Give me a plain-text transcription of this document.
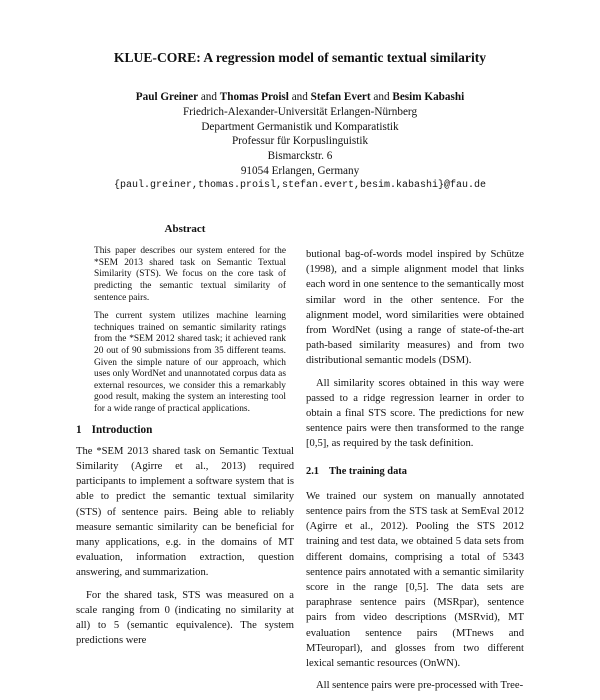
KLUE-CORE: A regression model of semantic textual similarity
Paul Greiner and Thomas Proisl and Stefan Evert and Besim Kabashi
Friedrich-Alexander-Universität Erlangen-Nürnberg
Department Germanistik und Komparatistik
Professur für Korpuslinguistik
Bismarckstr. 6
91054 Erlangen, Germany
{paul.greiner,thomas.proisl,stefan.evert,besim.kabashi}@fau.de
Abstract

This paper describes our system entered for the *SEM 2013 shared task on Semantic Textual Similarity (STS). We focus on the core task of predicting the semantic textual similarity of sentence pairs.

The current system utilizes machine learning techniques trained on semantic similarity ratings from the *SEM 2012 shared task; it achieved rank 20 out of 90 submissions from 35 different teams. Given the simple nature of our approach, which uses only WordNet and unannotated corpus data as external resources, we consider this a remarkably good result, making the system an interesting tool for a wide range of practical applications.

1 Introduction

The *SEM 2013 shared task on Semantic Textual Similarity (Agirre et al., 2013) required participants to implement a software system that is able to predict the semantic textual similarity (STS) of sentence pairs. Being able to reliably measure semantic similarity can be beneficial for many applications, e.g. in the domains of MT evaluation, information extraction, question answering, and summarization.

For the shared task, STS was measured on a scale ranging from 0 (indicating no similarity at all) to 5 (semantic equivalence). The system predictions were

butional bag-of-words model inspired by Schütze (1998), and a simple alignment model that links each word in one sentence to the semantically most similar word in the other sentence. For the alignment model, word similarities were obtained from WordNet (using a range of state-of-the-art path-based similarity measures) and from two distributional semantic models (DSM).

All similarity scores obtained in this way were passed to a ridge regression learner in order to obtain a final STS score. The predictions for new sentence pairs were then transformed to the range [0,5], as required by the task definition.

2.1 The training data

We trained our system on manually annotated sentence pairs from the STS task at SemEval 2012 (Agirre et al., 2012). Pooling the STS 2012 training and test data, we obtained 5 data sets from different domains, comprising a total of 5343 sentence pairs annotated with a semantic similarity score in the range [0,5]. The data sets are paraphrase sentence pairs (MSRpar), sentence pairs from video descriptions (MSRvid), MT evaluation sentence pairs (MTnews and MTeuroparl), and glosses from two different lexical semantic resources (OnWN).

All sentence pairs were pre-processed with Tree-
